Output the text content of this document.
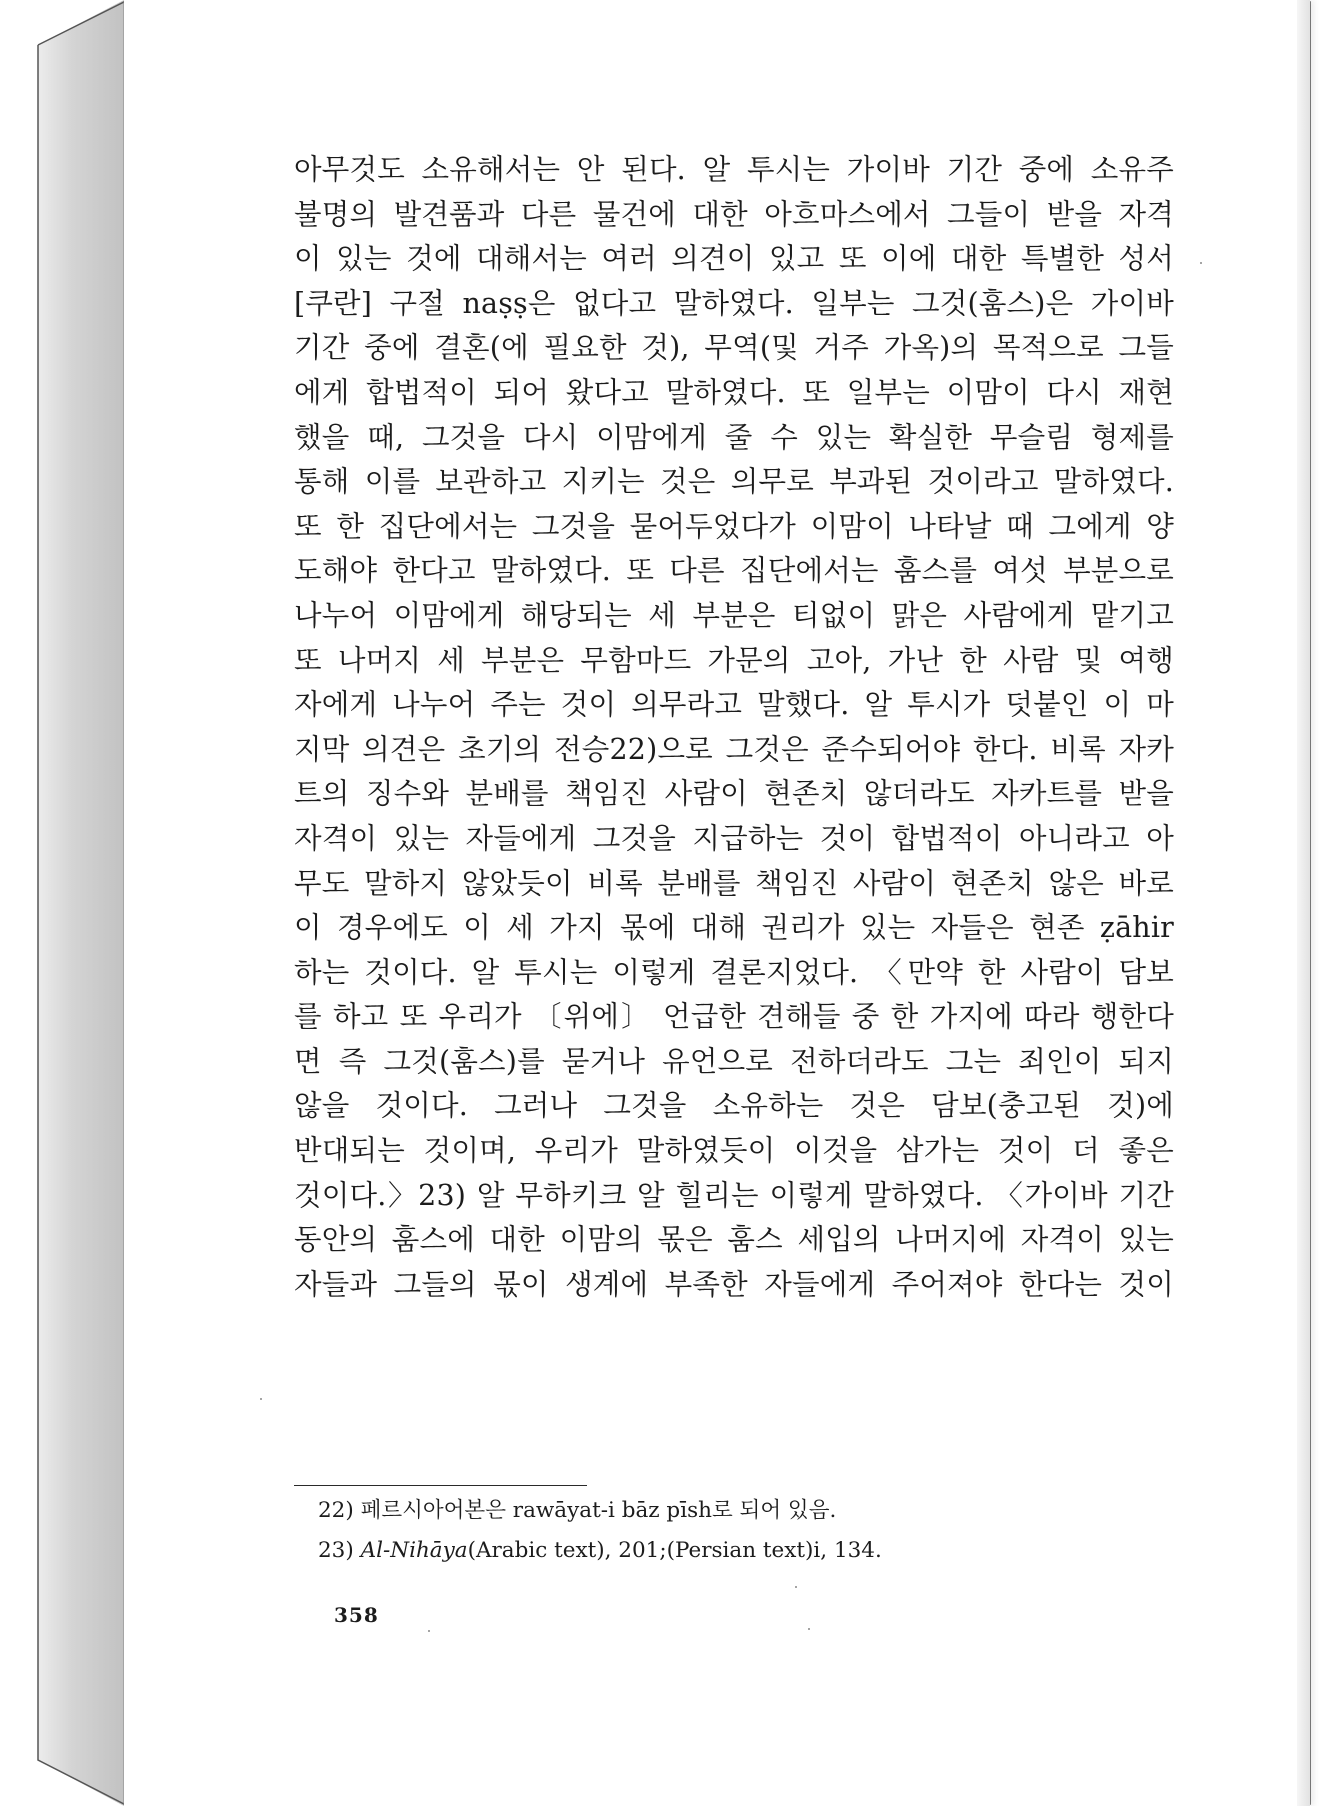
아무것도 소유해서는 안 된다. 알 투시는 가이바 기간 중에 소유주
불명의 발견품과 다른 물건에 대한 아흐마스에서 그들이 받을 자격
이 있는 것에 대해서는 여러 의견이 있고 또 이에 대한 특별한 성서
[쿠란] 구절 naṣṣ은 없다고 말하였다. 일부는 그것(훔스)은 가이바
기간 중에 결혼(에 필요한 것), 무역(및 거주 가옥)의 목적으로 그들
에게 합법적이 되어 왔다고 말하였다. 또 일부는 이맘이 다시 재현
했을 때, 그것을 다시 이맘에게 줄 수 있는 확실한 무슬림 형제를
통해 이를 보관하고 지키는 것은 의무로 부과된 것이라고 말하였다.
또 한 집단에서는 그것을 묻어두었다가 이맘이 나타날 때 그에게 양
도해야 한다고 말하였다. 또 다른 집단에서는 훔스를 여섯 부분으로
나누어 이맘에게 해당되는 세 부분은 티없이 맑은 사람에게 맡기고
또 나머지 세 부분은 무함마드 가문의 고아, 가난 한 사람 및 여행
자에게 나누어 주는 것이 의무라고 말했다. 알 투시가 덧붙인 이 마
지막 의견은 초기의 전승22)으로 그것은 준수되어야 한다. 비록 자카
트의 징수와 분배를 책임진 사람이 현존치 않더라도 자카트를 받을
자격이 있는 자들에게 그것을 지급하는 것이 합법적이 아니라고 아
무도 말하지 않았듯이 비록 분배를 책임진 사람이 현존치 않은 바로
이 경우에도 이 세 가지 몫에 대해 권리가 있는 자들은 현존 ẓāhir
하는 것이다. 알 투시는 이렇게 결론지었다. 〈만약 한 사람이 담보
를 하고 또 우리가 〔위에〕 언급한 견해들 중 한 가지에 따라 행한다
면 즉 그것(훔스)를 묻거나 유언으로 전하더라도 그는 죄인이 되지
않을 것이다. 그러나 그것을 소유하는 것은 담보(충고된 것)에
반대되는 것이며, 우리가 말하였듯이 이것을 삼가는 것이 더 좋은
것이다.〉23) 알 무하키크 알 힐리는 이렇게 말하였다. 〈가이바 기간
동안의 훔스에 대한 이맘의 몫은 훔스 세입의 나머지에 자격이 있는
자들과 그들의 몫이 생계에 부족한 자들에게 주어져야 한다는 것이
22) 페르시아어본은 rawāyat-i bāz pīsh로 되어 있음.
23) Al-Nihāya(Arabic text), 201;(Persian text)i, 134.
358
